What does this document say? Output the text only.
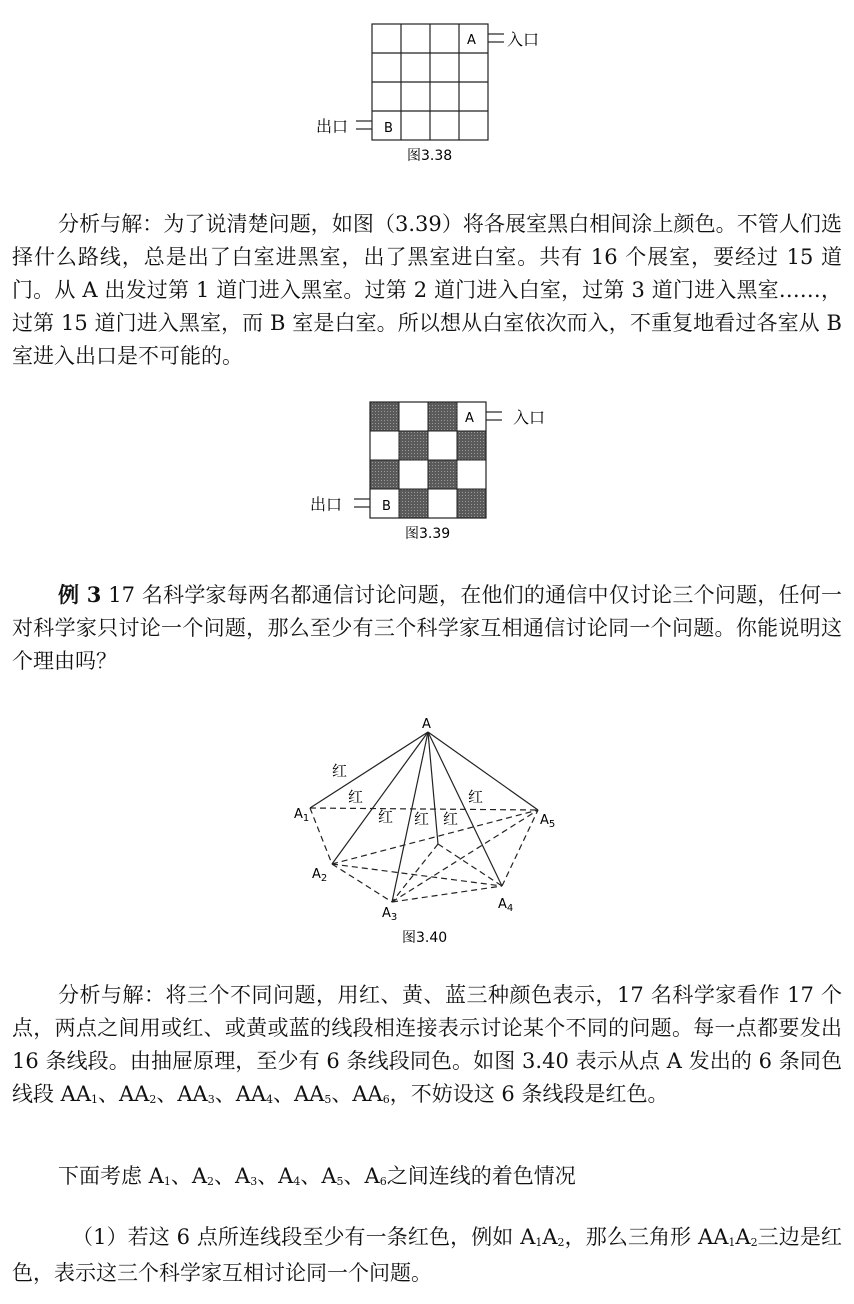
A
B
入口
出口
图3.38

分析与解：为了说清楚问题，如图（3.39）将各展室黑白相间涂上颜色。不管人们选择什么路线，总是出了白室进黑室，出了黑室进白室。共有 16 个展室，要经过 15 道门。从 A 出发过第 1 道门进入黑室。过第 2 道门进入白室，过第 3 道门进入黑室……，过第 15 道门进入黑室，而 B 室是白室。所以想从白室依次而入，不重复地看过各室从 B 室进入出口是不可能的。

A
B
入口
出口
图3.39

例 3 17 名科学家每两名都通信讨论问题，在他们的通信中仅讨论三个问题，任何一对科学家只讨论一个问题，那么至少有三个科学家互相通信讨论同一个问题。你能说明这个理由吗？

A
$A_1$
$A_2$
$A_3$
$A_4$
$A_5$
红
红
红 红 红
红
图3.40

分析与解：将三个不同问题，用红、黄、蓝三种颜色表示，17 名科学家看作 17 个点，两点之间用或红、或黄或蓝的线段相连接表示讨论某个不同的问题。每一点都要发出 16 条线段。由抽屉原理，至少有 6 条线段同色。如图 3.40 表示从点 A 发出的 6 条同色线段 $AA_1$、$AA_2$、$AA_3$、$AA_4$、$AA_5$、$AA_6$，不妨设这 6 条线段是红色。

下面考虑 $A_1$、$A_2$、$A_3$、$A_4$、$A_5$、$A_6$之间连线的着色情况

（1）若这 6 点所连线段至少有一条红色，例如 $A_1A_2$，那么三角形 $AA_1A_2$三边是红色，表示这三个科学家互相讨论同一个问题。
